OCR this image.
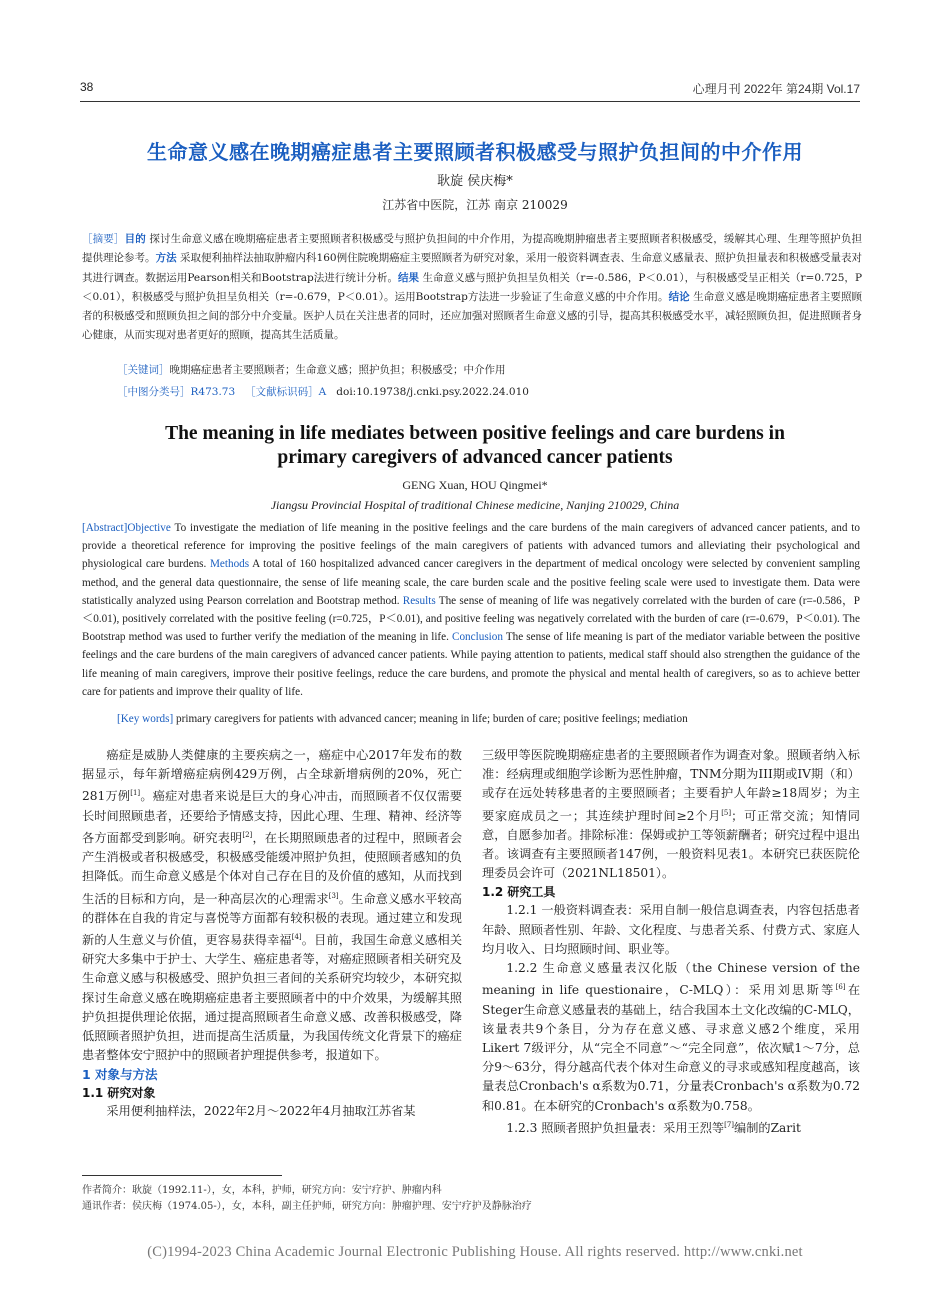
38	心理月刊 2022年 第24期 Vol.17
生命意义感在晚期癌症患者主要照顾者积极感受与照护负担间的中介作用
耿旋 侯庆梅*
江苏省中医院，江苏 南京 210029
［摘要］目的 探讨生命意义感在晚期癌症患者主要照顾者积极感受与照护负担间的中介作用，为提高晚期肿瘤患者主要照顾者积极感受，缓解其心理、生理等照护负担提供理论参考。方法 采取便利抽样法抽取肿瘤内科160例住院晚期癌症主要照顾者为研究对象，采用一般资料调查表、生命意义感量表、照护负担量表和积极感受量表对其进行调查。数据运用Pearson相关和Bootstrap法进行统计分析。结果 生命意义感与照护负担呈负相关（r=-0.586，P＜0.01），与积极感受呈正相关（r=0.725，P＜0.01），积极感受与照护负担呈负相关（r=-0.679，P＜0.01）。运用Bootstrap方法进一步验证了生命意义感的中介作用。结论 生命意义感是晚期癌症患者主要照顾者的积极感受和照顾负担之间的部分中介变量。医护人员在关注患者的同时，还应加强对照顾者生命意义感的引导，提高其积极感受水平，减轻照顾负担，促进照顾者身心健康，从而实现对患者更好的照顾，提高其生活质量。
［关键词］晚期癌症患者主要照顾者；生命意义感；照护负担；积极感受；中介作用
［中图分类号］R473.73 ［文献标识码］A doi:10.19738/j.cnki.psy.2022.24.010
The meaning in life mediates between positive feelings and care burdens in
primary caregivers of advanced cancer patients
GENG Xuan, HOU Qingmei*
Jiangsu Provincial Hospital of traditional Chinese medicine, Nanjing 210029, China

[Abstract]Objective To investigate the mediation of life meaning in the positive feelings and the care burdens of the main caregivers of advanced cancer patients, and to provide a theoretical reference for improving the positive feelings of the main caregivers of patients with advanced tumors and alleviating their psychological and physiological care burdens. Methods A total of 160 hospitalized advanced cancer caregivers in the department of medical oncology were selected by convenient sampling method, and the general data questionnaire, the sense of life meaning scale, the care burden scale and the positive feeling scale were used to investigate them. Data were statistically analyzed using Pearson correlation and Bootstrap method. Results The sense of meaning of life was negatively correlated with the burden of care (r=-0.586，P＜0.01), positively correlated with the positive feeling (r=0.725，P＜0.01), and positive feeling was negatively correlated with the burden of care (r=-0.679，P＜0.01). The Bootstrap method was used to further verify the mediation of the meaning in life. Conclusion The sense of life meaning is part of the mediator variable between the positive feelings and the care burdens of the main caregivers of advanced cancer patients. While paying attention to patients, medical staff should also strengthen the guidance of the life meaning of main caregivers, improve their positive feelings, reduce the care burdens, and promote the physical and mental health of caregivers, so as to achieve better care for patients and improve their quality of life.

[Key words] primary caregivers for patients with advanced cancer; meaning in life; burden of care; positive feelings; mediation

癌症是威胁人类健康的主要疾病之一，癌症中心2017年发布的数据显示，每年新增癌症病例429万例，占全球新增病例的20%，死亡281万例[1]。癌症对患者来说是巨大的身心冲击，而照顾者不仅仅需要长时间照顾患者，还要给予情感支持，因此心理、生理、精神、经济等各方面都受到影响。研究表明[2]，在长期照顾患者的过程中，照顾者会产生消极或者积极感受，积极感受能缓冲照护负担，使照顾者感知的负担降低。而生命意义感是个体对自己存在目的及价值的感知，从而找到生活的目标和方向，是一种高层次的心理需求[3]。生命意义感水平较高的群体在自我的肯定与喜悦等方面都有较积极的表现。通过建立和发现新的人生意义与价值，更容易获得幸福[4]。目前，我国生命意义感相关研究大多集中于护士、大学生、癌症患者等，对癌症照顾者相关研究及生命意义感与积极感受、照护负担三者间的关系研究均较少，本研究拟探讨生命意义感在晚期癌症患者主要照顾者中的中介效果，为缓解其照护负担提供理论依据，通过提高照顾者生命意义感、改善积极感受，降低照顾者照护负担，进而提高生活质量，为我国传统文化背景下的癌症患者整体安宁照护中的照顾者护理提供参考，报道如下。

1 对象与方法
1.1 研究对象

采用便利抽样法，2022年2月～2022年4月抽取江苏省某

三级甲等医院晚期癌症患者的主要照顾者作为调查对象。照顾者纳入标准：经病理或细胞学诊断为恶性肿瘤，TNM分期为III期或IV期（和）或存在远处转移患者的主要照顾者；主要看护人年龄≥18周岁；为主要家庭成员之一；其连续护理时间≥2个月[5]；可正常交流；知情同意，自愿参加者。排除标准：保姆或护工等领薪酬者；研究过程中退出者。该调查有主要照顾者147例，一般资料见表1。本研究已获医院伦理委员会许可（2021NL18501）。

1.2 研究工具

1.2.1 一般资料调查表：采用自制一般信息调查表，内容包括患者年龄、照顾者性别、年龄、文化程度、与患者关系、付费方式、家庭人均月收入、日均照顾时间、职业等。

1.2.2 生命意义感量表汉化版（the Chinese version of the meaning in life questionaire，C-MLQ）：采用刘思斯等[6]在Steger生命意义感量表的基础上，结合我国本土文化改编的C-MLQ，该量表共9个条目，分为存在意义感、寻求意义感2个维度，采用Likert 7级评分，从“完全不同意”～“完全同意”，依次赋1～7分，总分9～63分，得分越高代表个体对生命意义的寻求或感知程度越高，该量表总Cronbach's α系数为0.71，分量表Cronbach's α系数为0.72和0.81。在本研究的Cronbach's α系数为0.758。

1.2.3 照顾者照护负担量表：采用王烈等[7]编制的Zarit

作者简介：耿旋（1992.11-），女，本科，护师，研究方向：安宁疗护、肿瘤内科
通讯作者：侯庆梅（1974.05-），女，本科，副主任护师，研究方向：肿瘤护理、安宁疗护及静脉治疗
(C)1994-2023 China Academic Journal Electronic Publishing House. All rights reserved. http://www.cnki.net
